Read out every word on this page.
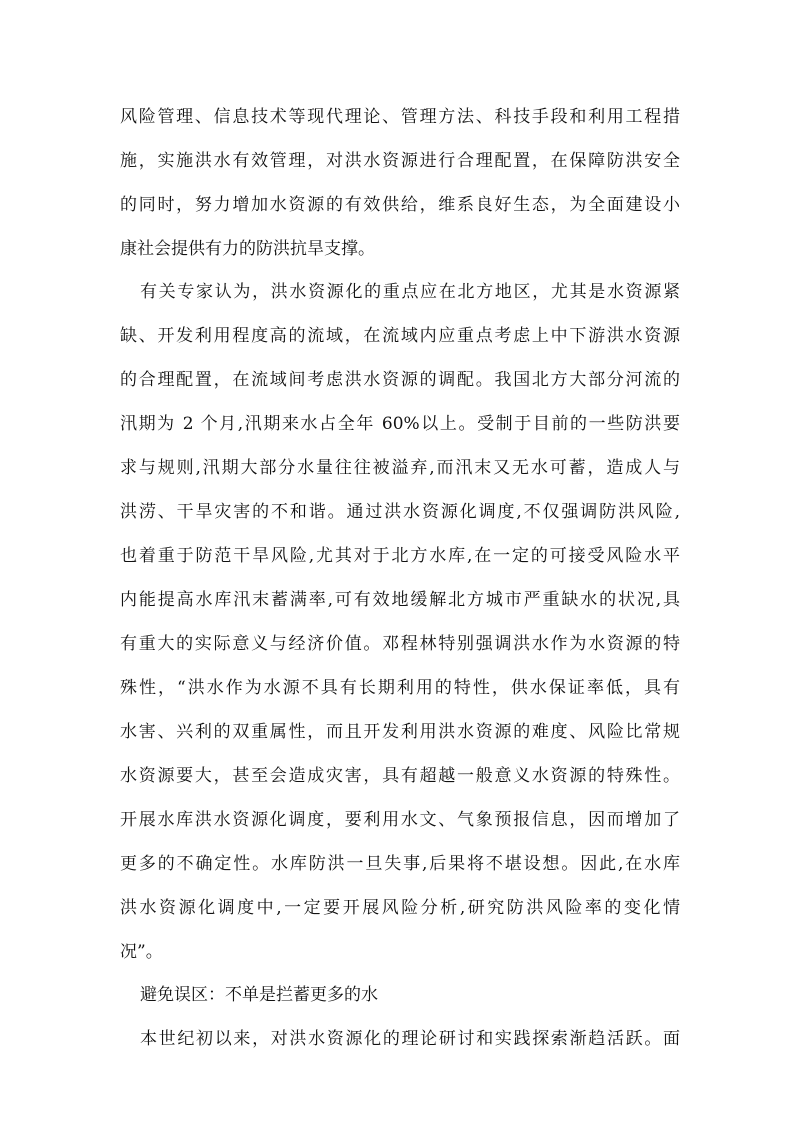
风险管理、信息技术等现代理论、管理方法、科技手段和利用工程措
施，实施洪水有效管理，对洪水资源进行合理配置，在保障防洪安全
的同时，努力增加水资源的有效供给，维系良好生态，为全面建设小
康社会提供有力的防洪抗旱支撑。
有关专家认为，洪水资源化的重点应在北方地区，尤其是水资源紧
缺、开发利用程度高的流域，在流域内应重点考虑上中下游洪水资源
的合理配置，在流域间考虑洪水资源的调配。我国北方大部分河流的
汛期为 2 个月,汛期来水占全年 60%以上。受制于目前的一些防洪要
求与规则,汛期大部分水量往往被溢弃,而汛末又无水可蓄，造成人与
洪涝、干旱灾害的不和谐。通过洪水资源化调度,不仅强调防洪风险,
也着重于防范干旱风险,尤其对于北方水库,在一定的可接受风险水平
内能提高水库汛末蓄满率,可有效地缓解北方城市严重缺水的状况,具
有重大的实际意义与经济价值。邓程林特别强调洪水作为水资源的特
殊性，“洪水作为水源不具有长期利用的特性，供水保证率低，具有
水害、兴利的双重属性，而且开发利用洪水资源的难度、风险比常规
水资源要大，甚至会造成灾害，具有超越一般意义水资源的特殊性。
开展水库洪水资源化调度，要利用水文、气象预报信息，因而增加了
更多的不确定性。水库防洪一旦失事,后果将不堪设想。因此,在水库
洪水资源化调度中,一定要开展风险分析,研究防洪风险率的变化情
况”。
避免误区：不单是拦蓄更多的水
本世纪初以来，对洪水资源化的理论研讨和实践探索渐趋活跃。面
